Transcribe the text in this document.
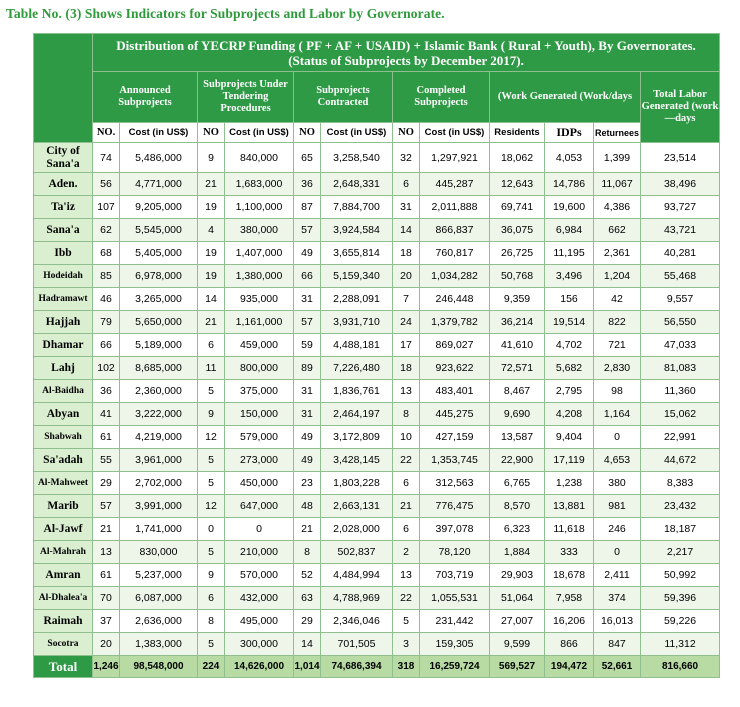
Table No. (3) Shows Indicators for Subprojects and Labor by Governorate.
	Distribution of YECRP Funding ( PF + AF + USAID) + Islamic Bank ( Rural + Youth), By Governorates. (Status of Subprojects by December 2017).											
	Announced Subprojects		Subprojects Under Tendering Procedures		Subprojects Contracted		Completed Subprojects		(Work Generated (Work/days			Total Labor Generated (work—days
	NO.	Cost (in US$)	NO	Cost (in US$)	NO	Cost (in US$)	NO	Cost (in US$)	Residents	IDPs	Returnees	
City of Sana'a	74	5,486,000	9	840,000	65	3,258,540	32	1,297,921	18,062	4,053	1,399	23,514
Aden.	56	4,771,000	21	1,683,000	36	2,648,331	6	445,287	12,643	14,786	11,067	38,496
Ta'iz	107	9,205,000	19	1,100,000	87	7,884,700	31	2,011,888	69,741	19,600	4,386	93,727
Sana'a	62	5,545,000	4	380,000	57	3,924,584	14	866,837	36,075	6,984	662	43,721
Ibb	68	5,405,000	19	1,407,000	49	3,655,814	18	760,817	26,725	11,195	2,361	40,281
Hodeidah	85	6,978,000	19	1,380,000	66	5,159,340	20	1,034,282	50,768	3,496	1,204	55,468
Hadramawt	46	3,265,000	14	935,000	31	2,288,091	7	246,448	9,359	156	42	9,557
Hajjah	79	5,650,000	21	1,161,000	57	3,931,710	24	1,379,782	36,214	19,514	822	56,550
Dhamar	66	5,189,000	6	459,000	59	4,488,181	17	869,027	41,610	4,702	721	47,033
Lahj	102	8,685,000	11	800,000	89	7,226,480	18	923,622	72,571	5,682	2,830	81,083
Al-Baidha	36	2,360,000	5	375,000	31	1,836,761	13	483,401	8,467	2,795	98	11,360
Abyan	41	3,222,000	9	150,000	31	2,464,197	8	445,275	9,690	4,208	1,164	15,062
Shabwah	61	4,219,000	12	579,000	49	3,172,809	10	427,159	13,587	9,404	0	22,991
Sa'adah	55	3,961,000	5	273,000	49	3,428,145	22	1,353,745	22,900	17,119	4,653	44,672
Al-Mahweet	29	2,702,000	5	450,000	23	1,803,228	6	312,563	6,765	1,238	380	8,383
Marib	57	3,991,000	12	647,000	48	2,663,131	21	776,475	8,570	13,881	981	23,432
Al-Jawf	21	1,741,000	0	0	21	2,028,000	6	397,078	6,323	11,618	246	18,187
Al-Mahrah	13	830,000	5	210,000	8	502,837	2	78,120	1,884	333	0	2,217
Amran	61	5,237,000	9	570,000	52	4,484,994	13	703,719	29,903	18,678	2,411	50,992
Al-Dhalea'a	70	6,087,000	6	432,000	63	4,788,969	22	1,055,531	51,064	7,958	374	59,396
Raimah	37	2,636,000	8	495,000	29	2,346,046	5	231,442	27,007	16,206	16,013	59,226
Socotra	20	1,383,000	5	300,000	14	701,505	3	159,305	9,599	866	847	11,312
Total	1,246	98,548,000	224	14,626,000	1,014	74,686,394	318	16,259,724	569,527	194,472	52,661	816,660
